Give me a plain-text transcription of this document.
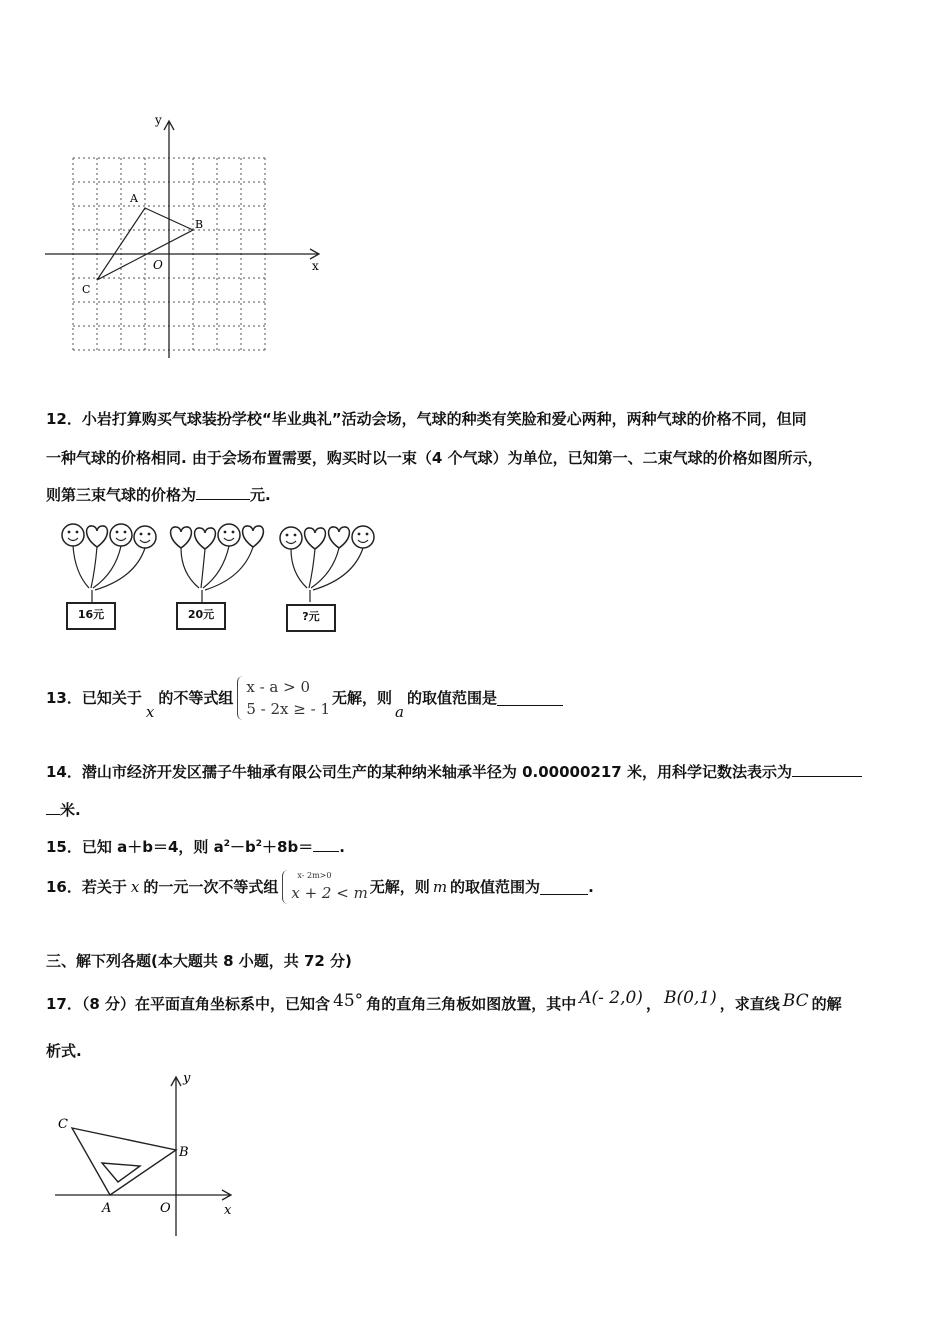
x
y
O
A
B
C
12．小岩打算购买气球装扮学校“毕业典礼”活动会场，气球的种类有笑脸和爱心两种，两种气球的价格不同，但同
一种气球的价格相同. 由于会场布置需要，购买时以一束（4 个气球）为单位，已知第一、二束气球的价格如图所示，
则第三束气球的价格为	元.
16元	20元	?元
13．已知关于x的不等式组
x - a > 0
5 - 2x ≥ - 1
无解，则a的取值范围是
14．潜山市经济开发区孺子牛轴承有限公司生产的某种纳米轴承半径为 0.00000217 米，用科学记数法表示为
米.
15．已知 a＋b＝4，则 $a^2-b^2+8b=$ .
16．若关于 x 的一元一次不等式组
x- 2m>0
x + 2 < m 无解，则 m 的取值范围为	.
三、解下列各题(本大题共 8 小题，共 72 分)
17．（8 分）在平面直角坐标系中，已知含 45° 角的直角三角板如图放置，其中 A(- 2,0) ， B(0,1) ，求直线 BC 的解
析式.
x
y
O
A
B
C
